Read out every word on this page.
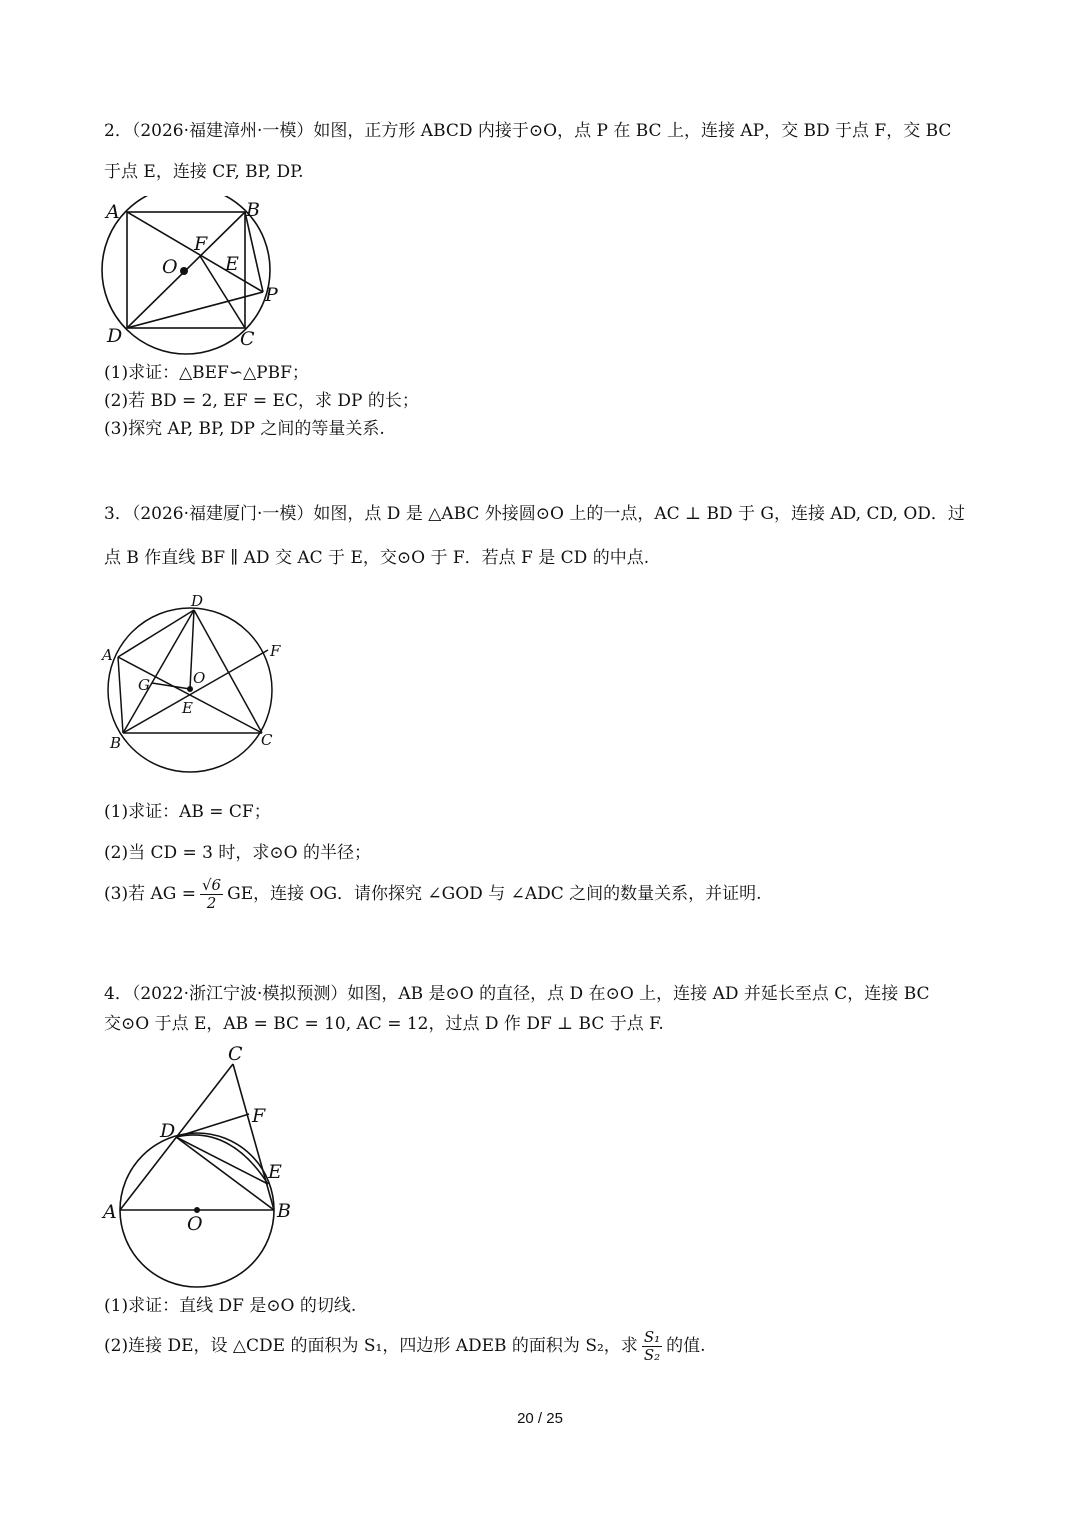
2．（2026·福建漳州·一模）如图，正方形 ABCD 内接于⊙O，点 P 在 BC 上，连接 AP，交 BD 于点 F，交 BC
于点 E，连接 CF, BP, DP.
A	B
C
D
O
F
E
P
(1)求证：△BEF∽△PBF；
(2)若 BD = 2, EF = EC，求 DP 的长；
(3)探究 AP, BP, DP 之间的等量关系.
3．（2026·福建厦门·一模）如图，点 D 是 △ABC 外接圆⊙O 上的一点，AC ⊥ BD 于 G，连接 AD, CD, OD．过
点 B 作直线 BF ∥ AD 交 AC 于 E，交⊙O 于 F．若点 F 是 CD 的中点.
D
A	F
G	O
E
B	C
(1)求证：AB = CF；
(2)当 CD = 3 时，求⊙O 的半径；
(3)若 AG = $\frac{√6}{2}$ GE，连接 OG．请你探究 ∠GOD 与 ∠ADC 之间的数量关系，并证明.
4．（2022·浙江宁波·模拟预测）如图，AB 是⊙O 的直径，点 D 在⊙O 上，连接 AD 并延长至点 C，连接 BC
交⊙O 于点 E，AB = BC = 10, AC = 12，过点 D 作 DF ⊥ BC 于点 F.
C
D
F
E
A
O
B
(1)求证：直线 DF 是⊙O 的切线.
(2)连接 DE，设 △CDE 的面积为 S₁，四边形 ADEB 的面积为 S₂，求 $\frac{\text{S₁}}{\text{S₂}}$ 的值.
20 / 25
